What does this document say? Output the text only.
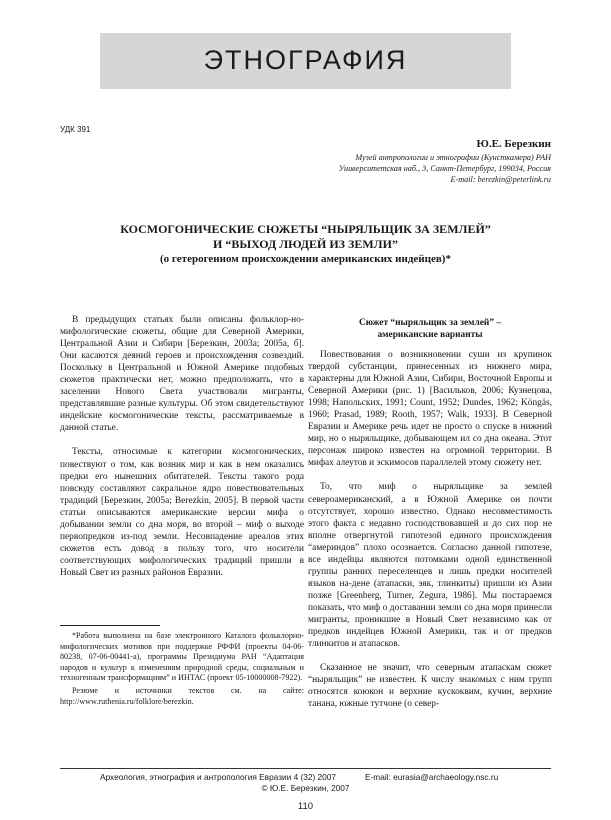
ЭТНОГРАФИЯ
УДК 391
Ю.Е. Березкин
Музей антропологии и этнографии (Кунсткамера) РАН
Университетская наб., 3, Санкт-Петербург, 199034, Россия
E-mail: berezkin@peterlink.ru
КОСМОГОНИЧЕСКИЕ СЮЖЕТЫ “НЫРЯЛЬЩИК ЗА ЗЕМЛЕЙ”
И “ВЫХОД ЛЮДЕЙ ИЗ ЗЕМЛИ”
(о гетерогенном происхождении американских индейцев)*

В предыдущих статьях были описаны фольклор-но-мифологические сюжеты, общие для Северной Америки, Центральной Азии и Сибири [Березкин, 2003а; 2005а, б]. Они касаются деяний героев и происхождения созвездий. Поскольку в Центральной и Южной Америке подобных сюжетов практически нет, можно предположить, что в заселении Нового Света участвовали мигранты, представлявшие разные культуры. Об этом свидетельствуют индейские космогонические тексты, рассматриваемые в данной статье.

Тексты, относимые к категории космогонических, повествуют о том, как возник мир и как в нем оказались предки его нынешних обитателей. Тексты такого рода повсюду составляют сакральное ядро повествовательных традиций [Березкин, 2005а; Berezkin, 2005]. В первой части статьи описываются американские версии мифа о добывании земли со дна моря, во второй – миф о выходе первопредков из-под земли. Несовпадение ареалов этих сюжетов есть довод в пользу того, что носители соответствующих мифологических традиций пришли в Новый Свет из разных районов Евразии.

*Работа выполнена на базе электронного Каталога фольклорно-мифологических мотивов при поддержке РФФИ (проекты 04-06-80238, 07-06-00441-а), программы Президиума РАН “Адаптация народов и культур к изменениям природной среды, социальным и техногенным трансформациям” и ИНТАС (проект 05-10000008-7922).

Резюме и источники текстов см. на сайте: http://www.ruthenia.ru/folklore/berezkin.

Сюжет “ныряльщик за землей” –
американские варианты

Повествования о возникновении суши из крупинок твердой субстанции, принесенных из нижнего мира, характерны для Южной Азии, Сибири, Восточной Европы и Северной Америки (рис. 1) [Васильков, 2006; Кузнецова, 1998; Напольских, 1991; Count, 1952; Dundes, 1962; Köngäs, 1960; Prasad, 1989; Rooth, 1957; Walk, 1933]. В Северной Евразии и Америке речь идет не просто о спуске в нижний мир, но о ныряльщике, добывающем ил со дна океана. Этот персонаж широко известен на огромной территории. В мифах алеутов и эскимосов параллелей этому сюжету нет.

То, что миф о ныряльщике за землей североамериканский, а в Южной Америке он почти отсутствует, хорошо известно. Однако несовместимость этого факта с недавно господствовавшей и до сих пор не вполне отвергнутой гипотезой единого происхождения “америндов” плохо осознается. Согласно данной гипотезе, все индейцы являются потомками одной единственной группы ранних переселенцев и лишь предки носителей языков на-дене (атапаски, эяк, тлинкиты) пришли из Азии позже [Greenberg, Turner, Zegura, 1986]. Мы постараемся показать, что миф о доставании земли со дна моря принесли мигранты, проникшие в Новый Свет независимо как от предков индейцев Южной Америки, так и от предков тлинкитов и атапасков.

Сказанное не значит, что северным атапаскам сюжет “ныряльщик” не известен. К числу знакомых с ним групп относятся коюкон и верхние кускоквим, кучин, верхние танана, южные тутчоне (о север-

Археология, этнография и антропология Евразии 4 (32) 2007	E-mail: eurasia@archaeology.nsc.ru
© Ю.Е. Березкин, 2007
110
